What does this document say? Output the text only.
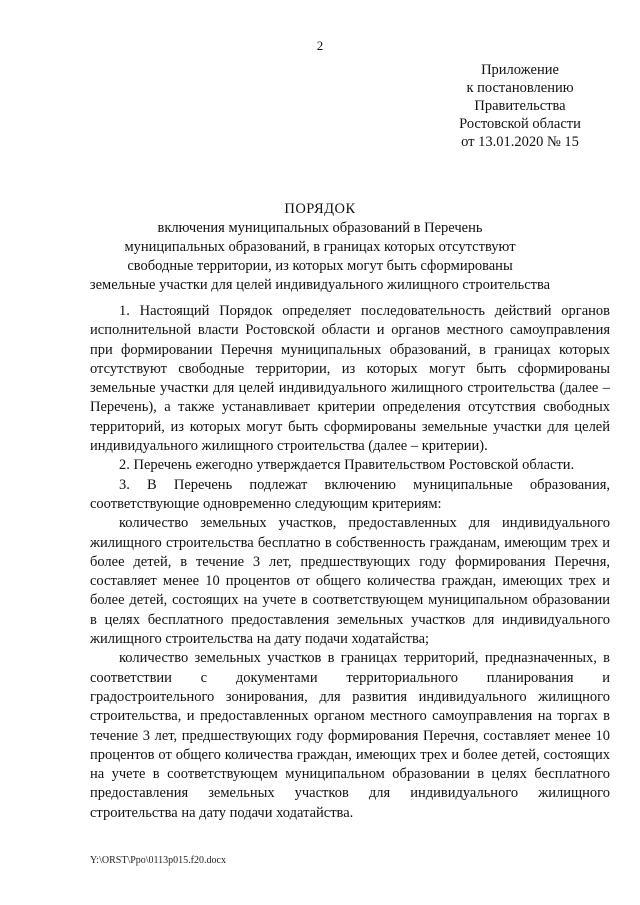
2
Приложение
к постановлению
Правительства
Ростовской области
от 13.01.2020 № 15
ПОРЯДОК
включения муниципальных образований в Перечень
муниципальных образований, в границах которых отсутствуют
свободные территории, из которых могут быть сформированы
земельные участки для целей индивидуального жилищного строительства

1. Настоящий Порядок определяет последовательность действий органов исполнительной власти Ростовской области и органов местного самоуправления при формировании Перечня муниципальных образований, в границах которых отсутствуют свободные территории, из которых могут быть сформированы земельные участки для целей индивидуального жилищного строительства (далее – Перечень), а также устанавливает критерии определения отсутствия свободных территорий, из которых могут быть сформированы земельные участки для целей индивидуального жилищного строительства (далее – критерии).

2. Перечень ежегодно утверждается Правительством Ростовской области.

3. В Перечень подлежат включению муниципальные образования, соответствующие одновременно следующим критериям:

количество земельных участков, предоставленных для индивидуального жилищного строительства бесплатно в собственность гражданам, имеющим трех и более детей, в течение 3 лет, предшествующих году формирования Перечня, составляет менее 10 процентов от общего количества граждан, имеющих трех и более детей, состоящих на учете в соответствующем муниципальном образовании в целях бесплатного предоставления земельных участков для индивидуального жилищного строительства на дату подачи ходатайства;

количество земельных участков в границах территорий, предназначенных, в соответствии с документами территориального планирования и градостроительного зонирования, для развития индивидуального жилищного строительства, и предоставленных органом местного самоуправления на торгах в течение 3 лет, предшествующих году формирования Перечня, составляет менее 10 процентов от общего количества граждан, имеющих трех и более детей, состоящих на учете в соответствующем муниципальном образовании в целях бесплатного предоставления земельных участков для индивидуального жилищного строительства на дату подачи ходатайства.

Y:\ORST\Ppo\0113p015.f20.docx
